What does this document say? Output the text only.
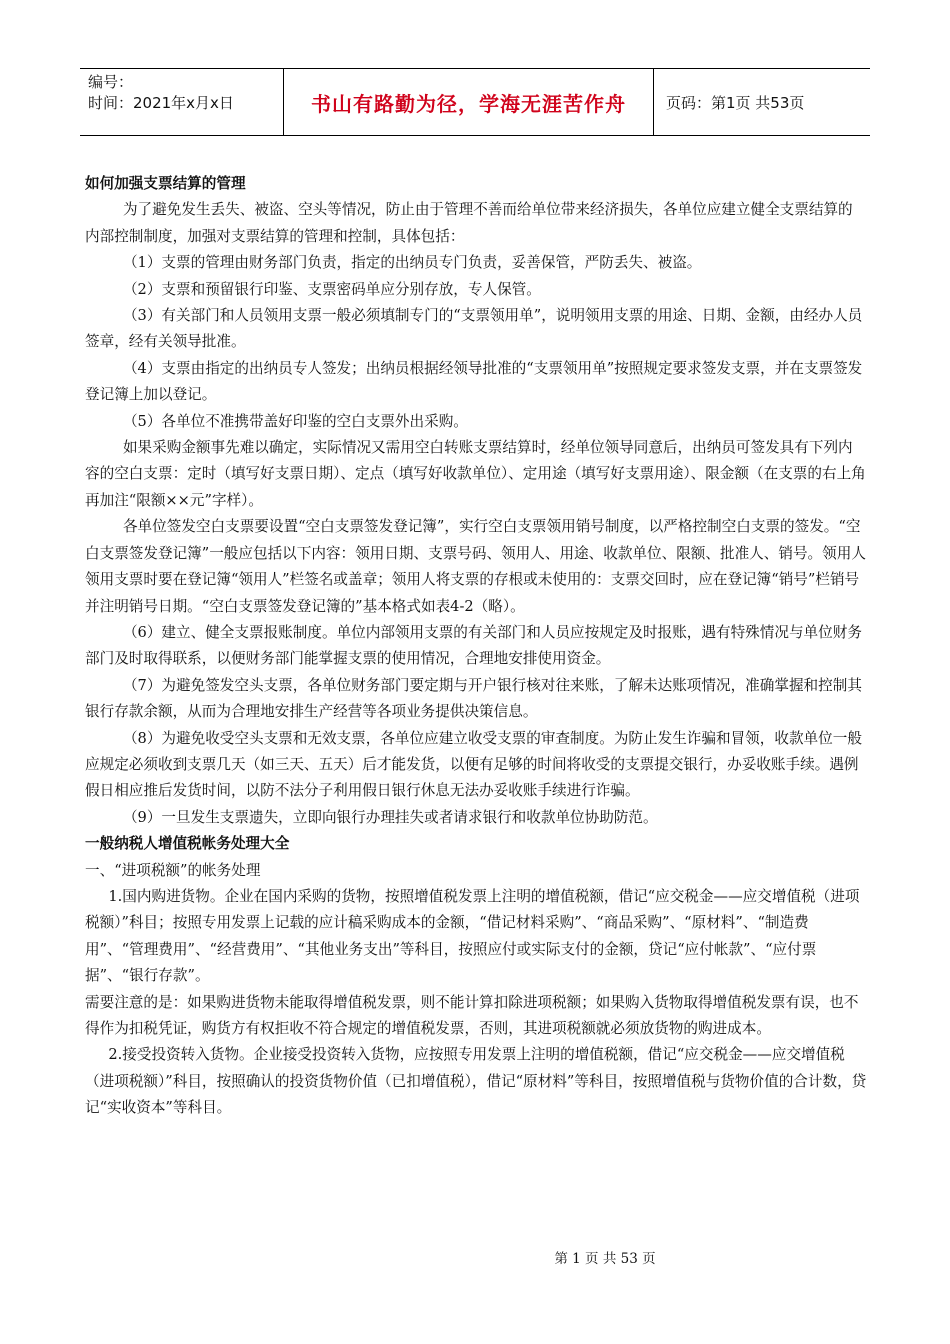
编号：
时间：2021年x月x日	书山有路勤为径，学海无涯苦作舟	页码：第1页 共53页

如何加强支票结算的管理

为了避免发生丢失、被盗、空头等情况，防止由于管理不善而给单位带来经济损失，各单位应建立健全支票结算的内部控制制度，加强对支票结算的管理和控制，具体包括：

（1）支票的管理由财务部门负责，指定的出纳员专门负责，妥善保管，严防丢失、被盗。

（2）支票和预留银行印鉴、支票密码单应分别存放，专人保管。

（3）有关部门和人员领用支票一般必须填制专门的“支票领用单”，说明领用支票的用途、日期、金额，由经办人员签章，经有关领导批准。

（4）支票由指定的出纳员专人签发；出纳员根据经领导批准的“支票领用单”按照规定要求签发支票，并在支票签发登记簿上加以登记。

（5）各单位不准携带盖好印鉴的空白支票外出采购。

如果采购金额事先难以确定，实际情况又需用空白转账支票结算时，经单位领导同意后，出纳员可签发具有下列内容的空白支票：定时（填写好支票日期）、定点（填写好收款单位）、定用途（填写好支票用途）、限金额（在支票的右上角再加注“限额××元”字样）。

各单位签发空白支票要设置“空白支票签发登记簿”，实行空白支票领用销号制度，以严格控制空白支票的签发。“空白支票签发登记簿”一般应包括以下内容：领用日期、支票号码、领用人、用途、收款单位、限额、批准人、销号。领用人领用支票时要在登记簿“领用人”栏签名或盖章；领用人将支票的存根或未使用的：支票交回时，应在登记簿“销号”栏销号并注明销号日期。“空白支票签发登记簿的”基本格式如表4-2（略）。

（6）建立、健全支票报账制度。单位内部领用支票的有关部门和人员应按规定及时报账，遇有特殊情况与单位财务部门及时取得联系，以便财务部门能掌握支票的使用情况，合理地安排使用资金。

（7）为避免签发空头支票，各单位财务部门要定期与开户银行核对往来账，了解未达账项情况，准确掌握和控制其银行存款余额，从而为合理地安排生产经营等各项业务提供决策信息。

（8）为避免收受空头支票和无效支票，各单位应建立收受支票的审查制度。为防止发生诈骗和冒领，收款单位一般应规定必须收到支票几天（如三天、五天）后才能发货，以便有足够的时间将收受的支票提交银行，办妥收账手续。遇例假日相应推后发货时间，以防不法分子利用假日银行休息无法办妥收账手续进行诈骗。

（9）一旦发生支票遗失，立即向银行办理挂失或者请求银行和收款单位协助防范。

一般纳税人增值税帐务处理大全

一、“进项税额”的帐务处理

1.国内购进货物。企业在国内采购的货物，按照增值税发票上注明的增值税额，借记“应交税金——应交增值税（进项税额）”科目；按照专用发票上记载的应计稿采购成本的金额，“借记材料采购”、“商品采购”、“原材料”、“制造费用”、“管理费用”、“经营费用”、“其他业务支出”等科目，按照应付或实际支付的金额，贷记“应付帐款”、“应付票据”、“银行存款”。

需要注意的是：如果购进货物未能取得增值税发票，则不能计算扣除进项税额；如果购入货物取得增值税发票有误，也不得作为扣税凭证，购货方有权拒收不符合规定的增值税发票，否则，其进项税额就必须放货物的购进成本。

2.接受投资转入货物。企业接受投资转入货物，应按照专用发票上注明的增值税额，借记“应交税金——应交增值税（进项税额）”科目，按照确认的投资货物价值（已扣增值税），借记“原材料”等科目，按照增值税与货物价值的合计数，贷记“实收资本”等科目。

第 1 页 共 53 页
